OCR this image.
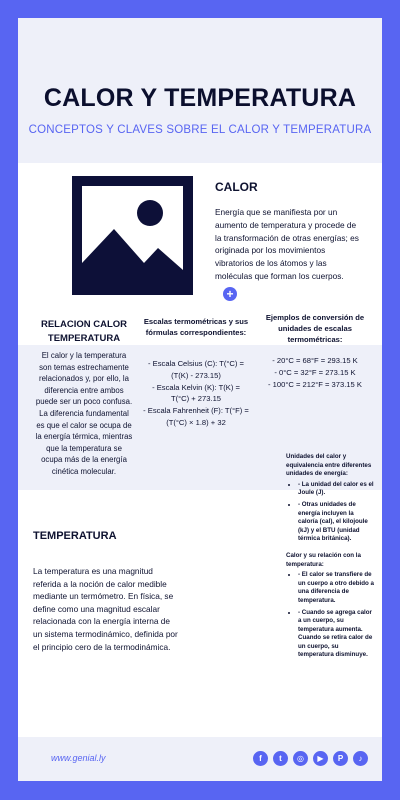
CALOR Y TEMPERATURA
CONCEPTOS Y CLAVES SOBRE EL CALOR Y TEMPERATURA
CALOR
Energía que se manifiesta por un aumento de temperatura y procede de la transformación de otras energías; es originada por los movimientos vibratorios de los átomos y las moléculas que forman los cuerpos.
+
RELACION CALOR TEMPERATURA
El calor y la temperatura son temas estrechamente relacionados y, por ello, la diferencia entre ambos puede ser un poco confusa. La diferencia fundamental es que el calor se ocupa de la energía térmica, mientras que la temperatura se ocupa más de la energía cinética molecular.
Escalas termométricas y sus fórmulas correspondientes:
- Escala Celsius (C): T(°C) = (T(K) - 273.15)
- Escala Kelvin (K): T(K) = T(°C) + 273.15
- Escala Fahrenheit (F): T(°F) = (T(°C) × 1.8) + 32
Ejemplos de conversión de unidades de escalas termométricas:
- 20°C = 68°F = 293.15 K
- 0°C = 32°F = 273.15 K
- 100°C = 212°F = 373.15 K
Unidades del calor y equivalencia entre diferentes unidades de energía:
• - La unidad del calor es el Joule (J).
• - Otras unidades de energía incluyen la caloría (cal), el kilojoule (kJ) y el BTU (unidad térmica británica).
Calor y su relación con la temperatura:
• - El calor se transfiere de un cuerpo a otro debido a una diferencia de temperatura.
• - Cuando se agrega calor a un cuerpo, su temperatura aumenta. Cuando se retira calor de un cuerpo, su temperatura disminuye.
TEMPERATURA
La temperatura es una magnitud referida a la noción de calor medible mediante un termómetro. En física, se define como una magnitud escalar relacionada con la energía interna de un sistema termodinámico, definida por el principio cero de la termodinámica.
www.genial.ly	f	t	◎	▶	P	♪
